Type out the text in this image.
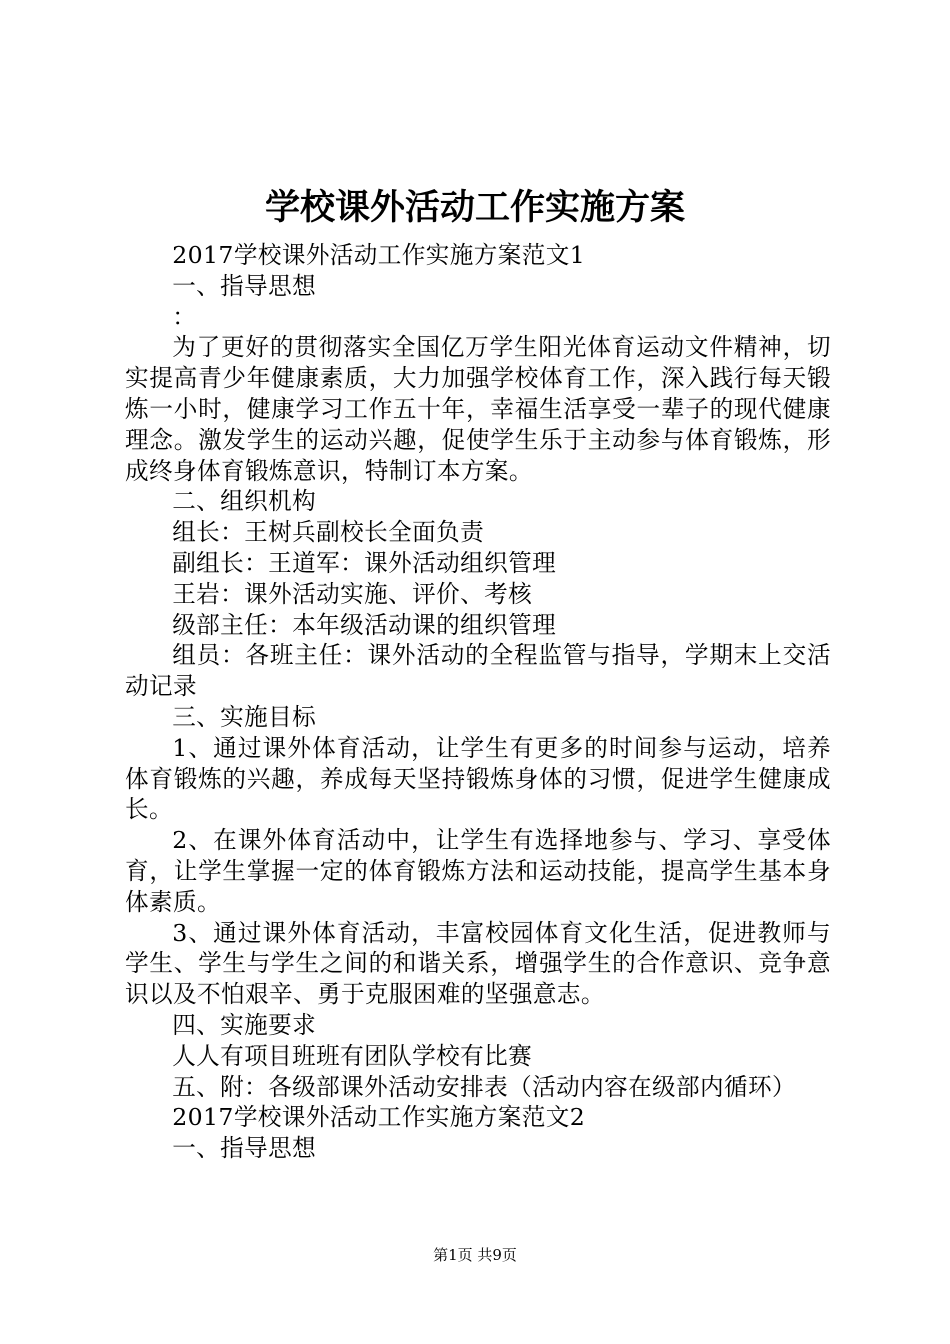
学校课外活动工作实施方案

2017学校课外活动工作实施方案范文1

一、指导思想

：

为了更好的贯彻落实全国亿万学生阳光体育运动文件精神，切实提高青少年健康素质，大力加强学校体育工作，深入践行每天锻炼一小时，健康学习工作五十年，幸福生活享受一辈子的现代健康理念。激发学生的运动兴趣，促使学生乐于主动参与体育锻炼，形成终身体育锻炼意识，特制订本方案。

二、组织机构

组长：王树兵副校长全面负责

副组长：王道军：课外活动组织管理

王岩：课外活动实施、评价、考核

级部主任：本年级活动课的组织管理

组员：各班主任：课外活动的全程监管与指导，学期末上交活动记录

三、实施目标

1、通过课外体育活动，让学生有更多的时间参与运动，培养体育锻炼的兴趣，养成每天坚持锻炼身体的习惯，促进学生健康成长。

2、在课外体育活动中，让学生有选择地参与、学习、享受体育，让学生掌握一定的体育锻炼方法和运动技能，提高学生基本身体素质。

3、通过课外体育活动，丰富校园体育文化生活，促进教师与学生、学生与学生之间的和谐关系，增强学生的合作意识、竞争意识以及不怕艰辛、勇于克服困难的坚强意志。

四、实施要求

人人有项目班班有团队学校有比赛

五、附：各级部课外活动安排表（活动内容在级部内循环）

2017学校课外活动工作实施方案范文2

一、指导思想

第1页 共9页
